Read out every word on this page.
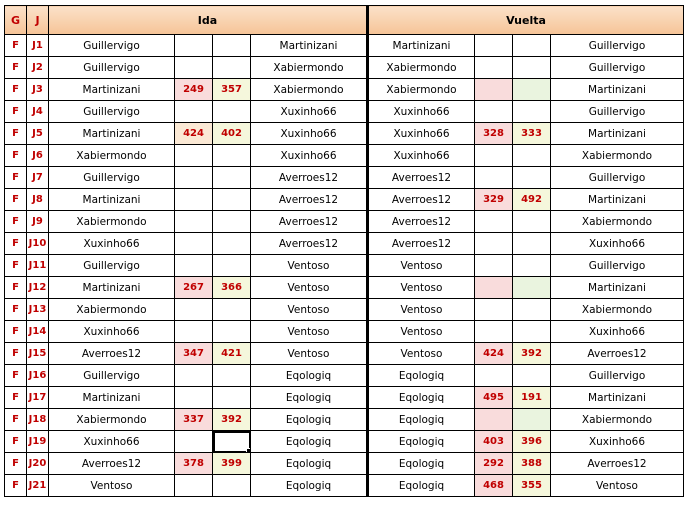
G	J	Ida				Vuelta			
F	J1	Guillervigo			Martinizani	Martinizani			Guillervigo
F	J2	Guillervigo			Xabiermondo	Xabiermondo			Guillervigo
F	J3	Martinizani	249	357	Xabiermondo	Xabiermondo			Martinizani
F	J4	Guillervigo			Xuxinho66	Xuxinho66			Guillervigo
F	J5	Martinizani	424	402	Xuxinho66	Xuxinho66	328	333	Martinizani
F	J6	Xabiermondo			Xuxinho66	Xuxinho66			Xabiermondo
F	J7	Guillervigo			Averroes12	Averroes12			Guillervigo
F	J8	Martinizani			Averroes12	Averroes12	329	492	Martinizani
F	J9	Xabiermondo			Averroes12	Averroes12			Xabiermondo
F	J10	Xuxinho66			Averroes12	Averroes12			Xuxinho66
F	J11	Guillervigo			Ventoso	Ventoso			Guillervigo
F	J12	Martinizani	267	366	Ventoso	Ventoso			Martinizani
F	J13	Xabiermondo			Ventoso	Ventoso			Xabiermondo
F	J14	Xuxinho66			Ventoso	Ventoso			Xuxinho66
F	J15	Averroes12	347	421	Ventoso	Ventoso	424	392	Averroes12
F	J16	Guillervigo			Eqologiq	Eqologiq			Guillervigo
F	J17	Martinizani			Eqologiq	Eqologiq	495	191	Martinizani
F	J18	Xabiermondo	337	392	Eqologiq	Eqologiq			Xabiermondo
F	J19	Xuxinho66			Eqologiq	Eqologiq	403	396	Xuxinho66
F	J20	Averroes12	378	399	Eqologiq	Eqologiq	292	388	Averroes12
F	J21	Ventoso			Eqologiq	Eqologiq	468	355	Ventoso
